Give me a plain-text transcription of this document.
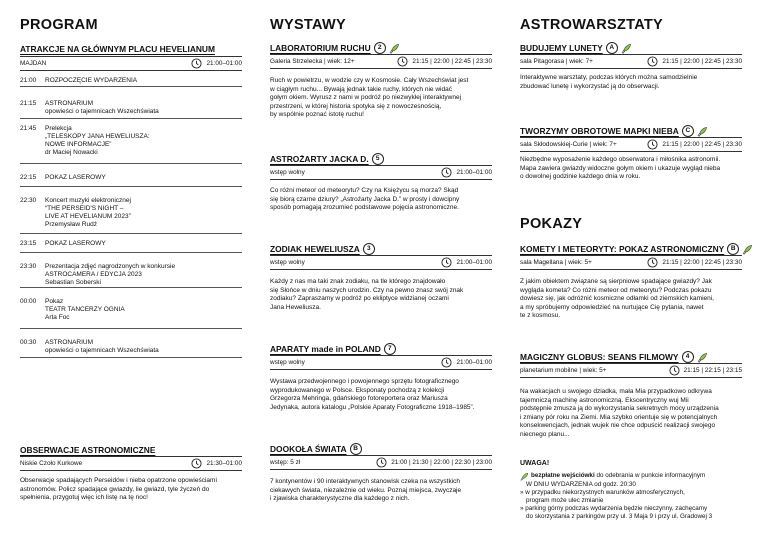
PROGRAM
ATRAKCJE NA GŁÓWNYM PLACU HEVELIANUM
MAJDAN	21:00–01:00
21:00	ROZPOCZĘCIE WYDARZENIA
21:15	ASTRONARIUM
opowieści o tajemnicach Wszechświata
21:45	Prelekcja
„TELESKOPY JANA HEWELIUSZA:
NOWE INFORMACJE”
dr Maciej Nowacki
22:15	POKAZ LASEROWY
22:30	Koncert muzyki elektronicznej
“THE PERSEID'S NIGHT –
LIVE AT HEVELIANUM 2023”
Przemysław Rudź
23:15	POKAZ LASEROWY
23:30	Prezentacja zdjęć nagrodzonych w konkursie
ASTROCAMERA / EDYCJA 2023
Sebastian Soberski
00:00	Pokaz
TEATR TANCERZY OGNIA
Arta Foc
00:30	ASTRONARIUM
opowieści o tajemnicach Wszechświata
OBSERWACJE ASTRONOMICZNE
Niskie Czoło Kurkowe	21:30–01:00
Obserwacje spadających Perseidów i nieba opatrzone opowieściami
astronomów. Policz spadające gwiazdy, lie gwiazd, tyle życzeń do
spełnienia, przygotuj więc ich listę na tę noc!
WYSTAWY
LABORATORIUM RUCHU	2
Galeria Strzelecka | wiek: 12+	21:15 | 22:00 | 22:45 | 23:30
Ruch w powietrzu, w wodzie czy w Kosmosie. Cały Wszechświat jest
w ciągłym ruchu... Bywają jednak takie ruchy, których nie widać
gołym okiem. Wyrusz z nami w podróż po niezwykłej interaktywnej
przestrzeni, w której historia spotyka się z nowoczesnością,
by wspólnie poznać istotę ruchu!
ASTROŻARTY JACKA D.	5
wstęp wolny	21:00–01:00
Co różni meteor od meteorytu? Czy na Księżycu są morza? Skąd
się biorą czarne dziury? „Astrożarty Jacka D.” w prosty i dowcipny
sposób pomagają zrozumieć podstawowe pojęcia astronomiczne.
ZODIAK HEWELIUSZA	3
wstęp wolny	21:00–01:00
Każdy z nas ma taki znak zodiaku, na tle którego znajdowało
się Słońce w dniu naszych urodzin. Czy na pewno znasz swój znak
zodiaku? Zapraszamy w podróż po ekliptyce widzianej oczami
Jana Heweliusza.
APARATY made in POLAND	7
wstęp wolny	21:00–01:00
Wystawa przedwojennego i powojennego sprzętu fotograficznego
wyprodukowanego w Polsce. Eksponaty pochodzą z kolekcji
Grzegorza Mehringa, gdańskiego fotoreportera oraz Mariusza
Jedynaka, autora katalogu „Polskie Aparaty Fotograficzne 1918–1985”.
DOOKOŁA ŚWIATA	B
wstęp: 5 zł	21:00 | 21:30 | 22:00 | 22:30 | 23:00
7 kontynentów i 90 interaktywnych stanowisk czeka na wszystkich
ciekawych świata, niezależnie od wieku. Poznaj miejsca, zwyczaje
i zjawiska charakterystyczne dla każdego z nich.
ASTROWARSZTATY
POKAZY
UWAGA!
bezpłatne wejściówki do odebrania w punkcie informacyjnym
W DNIU WYDARZENIA od godz. 20:30
» w przypadku niekorzystnych warunków atmosferycznych,
program może ulec zmianie
» parking górny podczas wydarzenia będzie nieczynny, zachęcamy
do skorzystania z parkingów przy ul. 3 Maja 9 i przy ul. Gradowej 3
BUDUJEMY LUNETY	A
sala Pitagorasa | wiek: 7+	21:15 | 22:00 | 22:45 | 23:30
Interaktywne warsztaty, podczas których można samodzielnie
zbudować lunetę i wykorzystać ją do obserwacji.
TWORZYMY OBROTOWE MAPKI NIEBA	C
sala Skłodowskiej-Curie | wiek: 7+	21:15 | 22:00 | 22:45 | 23:30
Niezbędne wyposażenie każdego obserwatora i miłośnika astronomii.
Mapa zawiera gwiazdy widoczne gołym okiem i ukazuje wygląd nieba
o dowolnej godzinie każdego dnia w roku.
KOMETY I METEORYTY: POKAZ ASTRONOMICZNY	B
sala Magellana | wiek: 5+	21:15 | 22:00 | 22:45 | 23:30
Z jakim obiektem związane są sierpniowe spadające gwiazdy? Jak
wygląda kometa? Co różni meteor od meteorytu? Podczas pokazu
dowiesz się, jak odróżnić kosmiczne odłamki od ziemskich kamieni,
a my spróbujemy odpowiedzieć na nurtujące Cię pytania, nawet
te z kosmosu.
MAGICZNY GLOBUS: SEANS FILMOWY	4
planetarium mobilne | wiek: 5+	21:15 | 22:15 | 23:15
Na wakacjach u swojego dziadka, mała Mia przypadkowo odkrywa
tajemniczą machinę astronomiczną. Ekscentryczny wuj Mii
podstępnie zmusza ją do wykorzystania sekretnych mocy urządzenia
i zmiany pór roku na Ziemi. Mia szybko orientuje się w potencjalnych
konsekwencjach, jednak wujek nie chce odpuścić realizacji swojego
niecnego planu...
